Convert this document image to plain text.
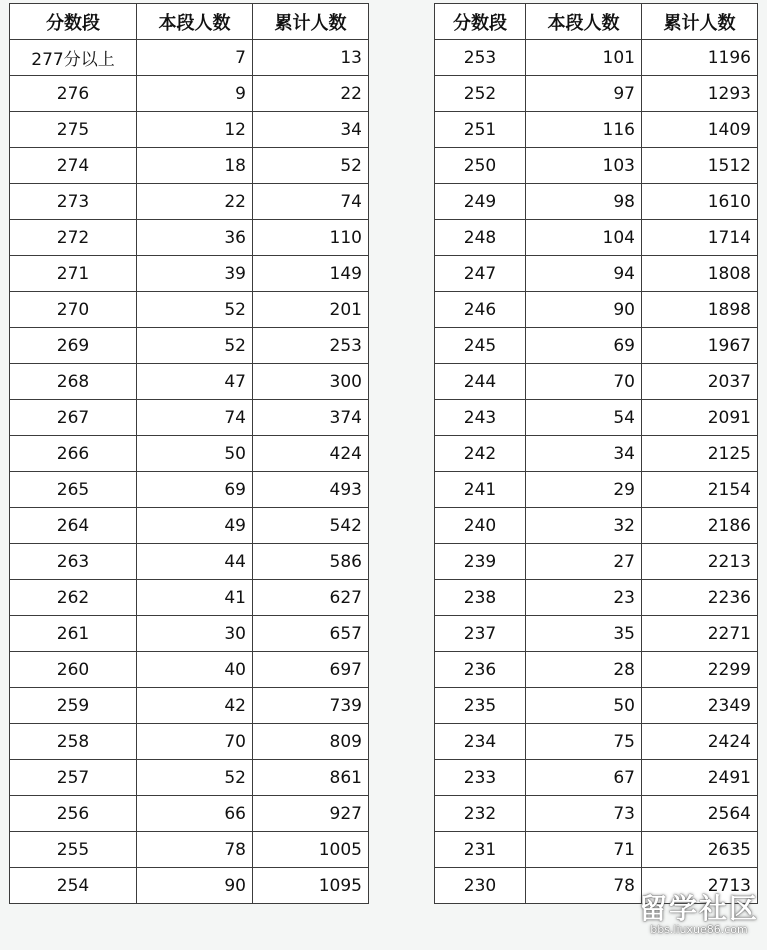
分数段	本段人数	累计人数
277分以上	7	13
276	9	22
275	12	34
274	18	52
273	22	74
272	36	110
271	39	149
270	52	201
269	52	253
268	47	300
267	74	374
266	50	424
265	69	493
264	49	542
263	44	586
262	41	627
261	30	657
260	40	697
259	42	739
258	70	809
257	52	861
256	66	927
255	78	1005
254	90	1095
分数段	本段人数	累计人数
253	101	1196
252	97	1293
251	116	1409
250	103	1512
249	98	1610
248	104	1714
247	94	1808
246	90	1898
245	69	1967
244	70	2037
243	54	2091
242	34	2125
241	29	2154
240	32	2186
239	27	2213
238	23	2236
237	35	2271
236	28	2299
235	50	2349
234	75	2424
233	67	2491
232	73	2564
231	71	2635
230	78	2713
留学社区
bbs.liuxue86.com
